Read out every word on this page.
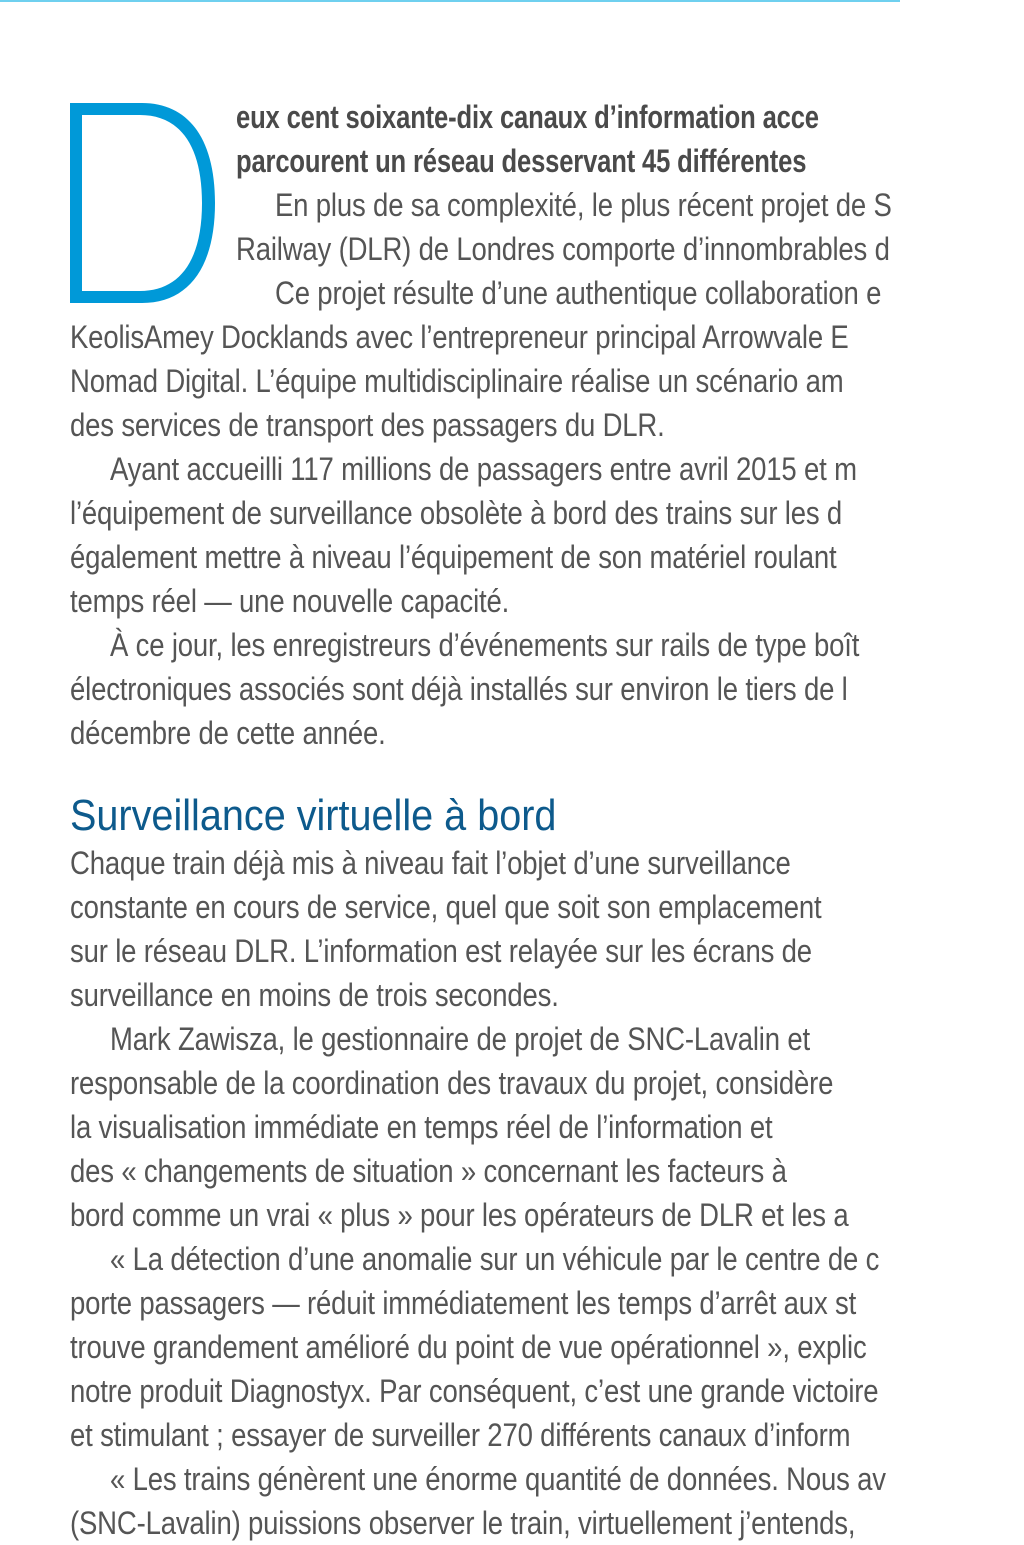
eux cent soixante-dix canaux d’information acce
parcourent un réseau desservant 45 différentes
En plus de sa complexité, le plus récent projet de S
Railway (DLR) de Londres comporte d’innombrables d
Ce projet résulte d’une authentique collaboration e
KeolisAmey Docklands avec l’entrepreneur principal Arrowvale E
Nomad Digital. L’équipe multidisciplinaire réalise un scénario am
des services de transport des passagers du DLR.
Ayant accueilli 117 millions de passagers entre avril 2015 et m
l’équipement de surveillance obsolète à bord des trains sur les d
également mettre à niveau l’équipement de son matériel roulant
temps réel — une nouvelle capacité.
À ce jour, les enregistreurs d’événements sur rails de type boît
électroniques associés sont déjà installés sur environ le tiers de l
décembre de cette année.
Surveillance virtuelle à bord
Chaque train déjà mis à niveau fait l’objet d’une surveillance
constante en cours de service, quel que soit son emplacement
sur le réseau DLR. L’information est relayée sur les écrans de
surveillance en moins de trois secondes.
Mark Zawisza, le gestionnaire de projet de SNC-Lavalin et
responsable de la coordination des travaux du projet, considère
la visualisation immédiate en temps réel de l’information et
des « changements de situation » concernant les facteurs à
bord comme un vrai « plus » pour les opérateurs de DLR et les a
« La détection d’une anomalie sur un véhicule par le centre de c
porte passagers — réduit immédiatement les temps d’arrêt aux st
trouve grandement amélioré du point de vue opérationnel », explic
notre produit Diagnostyx. Par conséquent, c’est une grande victoire
et stimulant ; essayer de surveiller 270 différents canaux d’inform
« Les trains génèrent une énorme quantité de données. Nous av
(SNC-Lavalin) puissions observer le train, virtuellement j’entends,
